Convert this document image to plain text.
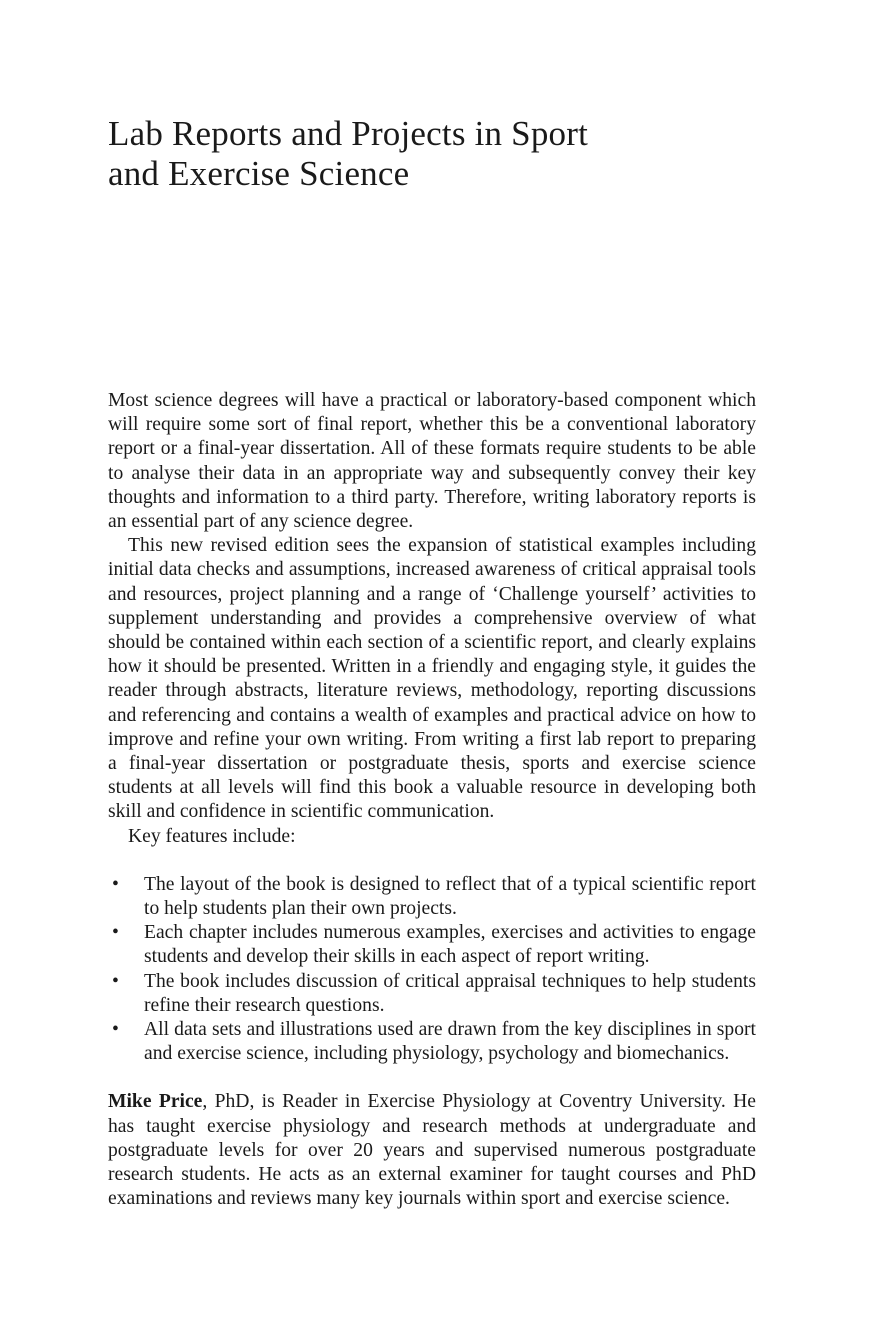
Lab Reports and Projects in Sport
and Exercise Science

Most science degrees will have a practical or laboratory-based component which will require some sort of final report, whether this be a conventional laboratory report or a final-year dissertation. All of these formats require students to be able to analyse their data in an appropriate way and subsequently convey their key thoughts and information to a third party. Therefore, writing laboratory reports is an essential part of any science degree.

This new revised edition sees the expansion of statistical examples including initial data checks and assumptions, increased awareness of critical appraisal tools and resources, project planning and a range of ‘Challenge yourself’ activities to supplement understanding and provides a comprehensive overview of what should be contained within each section of a scientific report, and clearly explains how it should be presented. Written in a friendly and engaging style, it guides the reader through abstracts, literature reviews, methodology, reporting discussions and referencing and contains a wealth of examples and practical advice on how to improve and refine your own writing. From writing a first lab report to preparing a final-year dissertation or postgraduate thesis, sports and exercise science students at all levels will find this book a valuable resource in developing both skill and confidence in scientific communication.

Key features include:

• The layout of the book is designed to reflect that of a typical scientific report to help students plan their own projects.
• Each chapter includes numerous examples, exercises and activities to engage students and develop their skills in each aspect of report writing.
• The book includes discussion of critical appraisal techniques to help students refine their research questions.
• All data sets and illustrations used are drawn from the key disciplines in sport and exercise science, including physiology, psychology and biomechanics.

Mike Price, PhD, is Reader in Exercise Physiology at Coventry University. He has taught exercise physiology and research methods at undergraduate and postgraduate levels for over 20 years and supervised numerous postgraduate research students. He acts as an external examiner for taught courses and PhD examinations and reviews many key journals within sport and exercise science.
